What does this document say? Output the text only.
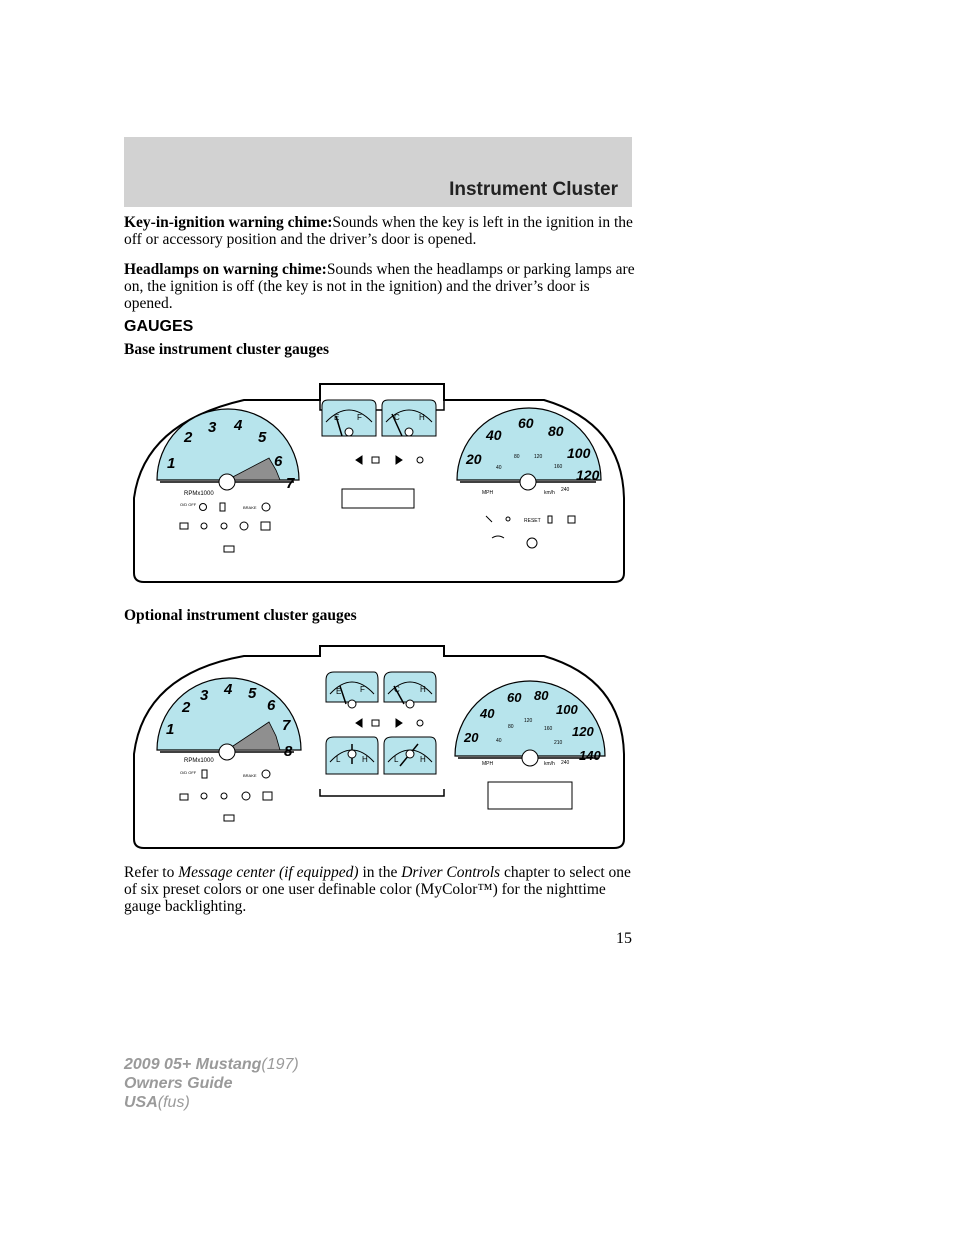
Instrument Cluster
Key-in-ignition warning chime:Sounds when the key is left in the ignition in the off or accessory position and the driver’s door is opened.
Headlamps on warning chime:Sounds when the headlamps or parking lamps are on, the ignition is off (the key is not in the ignition) and the driver’s door is opened.
GAUGES
Base instrument cluster gauges
1
2
3 4
5
6
7
RPMx1000
O/D OFF
BRAKE
E F	C H
20
40
60 80
100
120
40
80	120
160
240
MPH	km/h
RESET
Optional instrument cluster gauges
1
2
3 4 5
6
7
8
RPMx1000
O/D OFF
BRAKE
E F	C	H
L	H	L	H
20
40
60 80
100
120
140
40
80
120
160
210
240
MPH	km/h
Refer to Message center (if equipped) in the Driver Controls chapter to select one of six preset colors or one user definable color (MyColor™) for the nighttime gauge backlighting.
15
2009 05+ Mustang(197)
Owners Guide
USA(fus)
